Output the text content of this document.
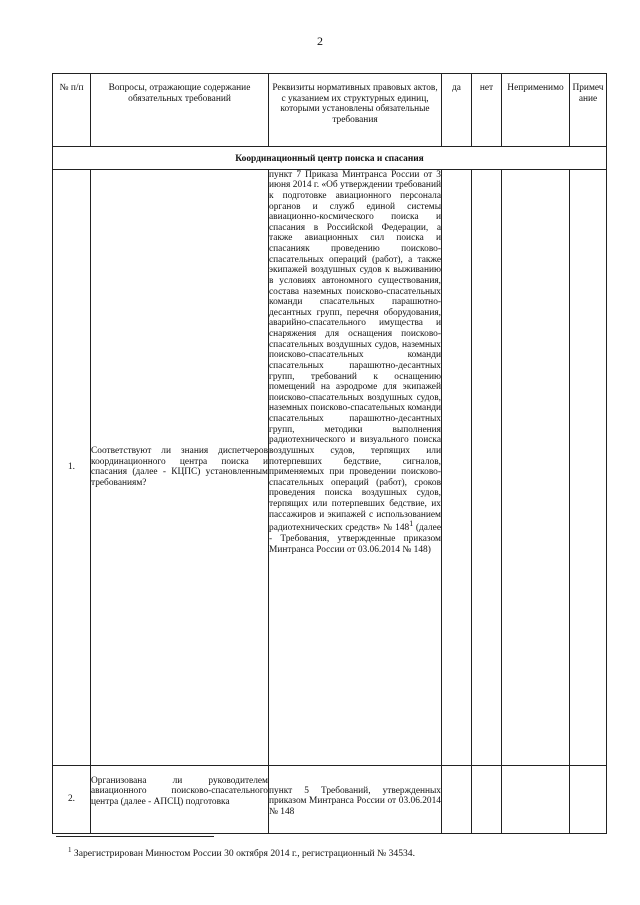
2
№ п/п	Вопросы, отражающие содержание обязательных требований	Реквизиты нормативных правовых актов, с указанием их структурных единиц, которыми установлены обязательные требования	да	нет	Неприменимо	Примечание
Координационный центр поиска и спасания						
1.	Соответствуют ли знания диспетчеров координационного центра поиска и спасания (далее - КЦПС) установленным требованиям?	пункт 7 Приказа Минтранса России от 3 июня 2014 г. «Об утверждении требований к подготовке авиационного персонала органов и служб единой системы авиационно-космического поиска и спасания в Российской Федерации, а также авиационных сил поиска и спасанияк проведению поисково-спасательных операций (работ), а также экипажей воздушных судов к выживанию в условиях автономного существования, состава наземных поисково-спасательных команди спасательных парашютно-десантных групп, перечня оборудования, аварийно-спасательного имущества и снаряжения для оснащения поисково-спасательных воздушных судов, наземных поисково-спасательных команди спасательных парашютно-десантных групп, требований к оснащению помещений на аэродроме для экипажей поисково-спасательных воздушных судов, наземных поисково-спасательных команди спасательных парашютно-десантных групп, методики выполнения радиотехнического и визуального поиска воздушных судов, терпящих или потерпевших бедствие, сигналов, применяемых при проведении поисково-спасательных операций (работ), сроков проведения поиска воздушных судов, терпящих или потерпевших бедствие, их пассажиров и экипажей с использованием радиотехнических средств» № $148^1$ (далее - Требования, утвержденные приказом Минтранса России от 03.06.2014 № 148)				
2.	Организована ли руководителем авиационного поисково-спасательного центра (далее - АПСЦ) подготовка	пункт 5 Требований, утвержденных приказом Минтранса России от 03.06.2014 № 148				
$^1$ Зарегистрирован Минюстом России 30 октября 2014 г., регистрационный № 34534.
